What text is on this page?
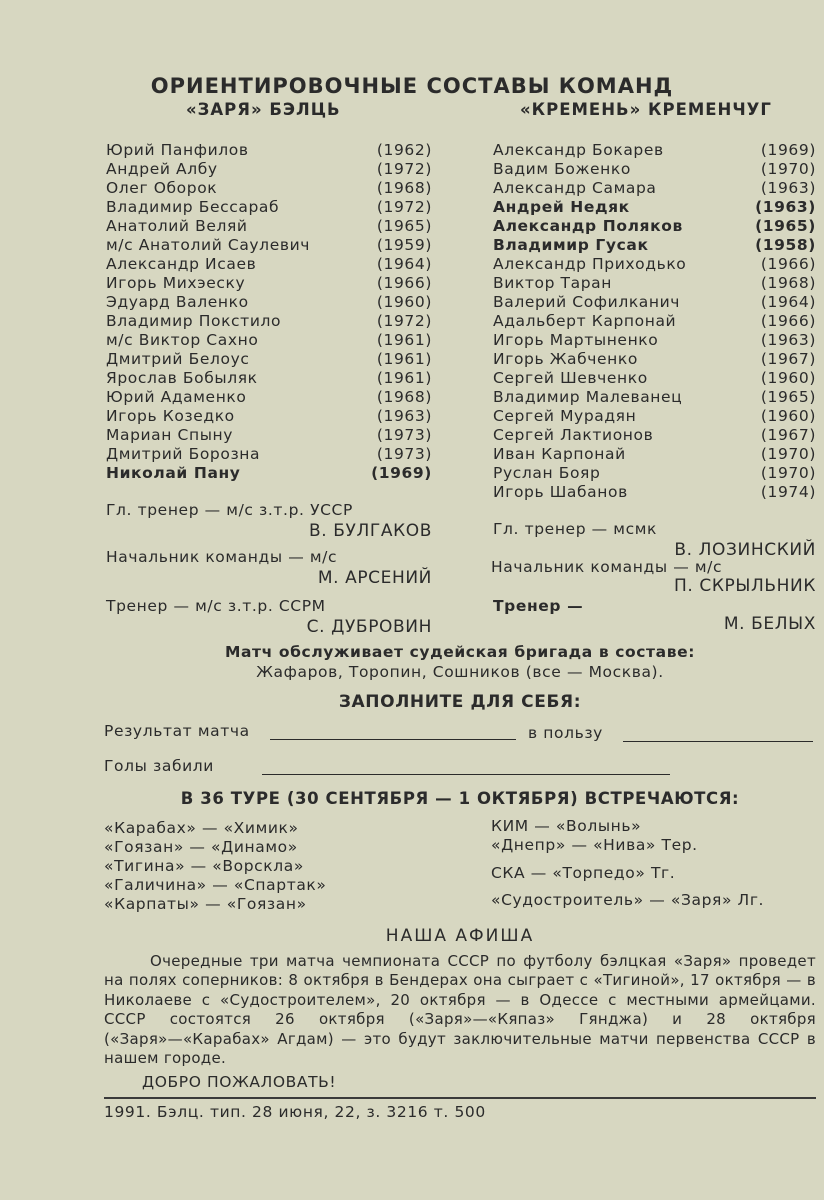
ОРИЕНТИРОВОЧНЫЕ СОСТАВЫ КОМАНД
«ЗАРЯ» БЭЛЦЬ	«КРЕМЕНЬ» КРЕМЕНЧУГ
Юрий Панфилов	(1962)
Андрей Албу	(1972)
Олег Оборок	(1968)
Владимир Бессараб	(1972)
Анатолий Веляй	(1965)
м/с Анатолий Саулевич	(1959)
Александр Исаев	(1964)
Игорь Михэеску	(1966)
Эдуард Валенко	(1960)
Владимир Покстило	(1972)
м/с Виктор Сахно	(1961)
Дмитрий Белоус	(1961)
Ярослав Бобыляк	(1961)
Юрий Адаменко	(1968)
Игорь Козедко	(1963)
Мариан Спыну	(1973)
Дмитрий Борозна	(1973)
Николай Пану	(1969)
Александр Бокарев	(1969)
Вадим Боженко	(1970)
Александр Самара	(1963)
Андрей Недяк	(1963)
Александр Поляков	(1965)
Владимир Гусак	(1958)
Александр Приходько	(1966)
Виктор Таран	(1968)
Валерий Софилканич	(1964)
Адальберт Карпонай	(1966)
Игорь Мартыненко	(1963)
Игорь Жабченко	(1967)
Сергей Шевченко	(1960)
Владимир Малеванец	(1965)
Сергей Мурадян	(1960)
Сергей Лактионов	(1967)
Иван Карпонай	(1970)
Руслан Бояр	(1970)
Игорь Шабанов	(1974)
Гл. тренер — м/с з.т.р. УССР
В. БУЛГАКОВ
Начальник команды — м/с
М. АРСЕНИЙ
Тренер — м/с з.т.р. ССРМ
С. ДУБРОВИН
Гл. тренер — мсмк
В. ЛОЗИНСКИЙ
Начальник команды — м/с
П. СКРЫЛЬНИК
Тренер —
М. БЕЛЫХ
Матч обслуживает судейская бригада в составе:
Жафаров, Торопин, Сошников (все — Москва).
ЗАПОЛНИТЕ ДЛЯ СЕБЯ:
Результат матча	в пользу
Голы забили
В 36 ТУРЕ (30 СЕНТЯБРЯ — 1 ОКТЯБРЯ) ВСТРЕЧАЮТСЯ:
«Карабах» — «Химик»
«Гоязан» — «Динамо»
«Тигина» — «Ворскла»
«Галичина» — «Спартак»
«Карпаты» — «Гоязан»
КИМ — «Волынь»
«Днепр» — «Нива» Тер.
СКА — «Торпедо» Тг.
«Судостроитель» — «Заря» Лг.
НАША АФИША
Очередные три матча чемпионата СССР по футболу бэлцкая «Заря» проведет на полях соперников: 8 октября в Бендерах она сыграет с «Тигиной», 17 октября — в Николаеве с «Судостроителем», 20 октября — в Одессе с местными армейцами. СССР состоятся 26 октября («Заря»—«Кяпаз» Гянджа) и 28 октября («Заря»—«Карабах» Агдам) — это будут заключительные матчи первенства СССР в нашем городе.
ДОБРО ПОЖАЛОВАТЬ!
1991. Бэлц. тип. 28 июня, 22, з. 3216 т. 500
